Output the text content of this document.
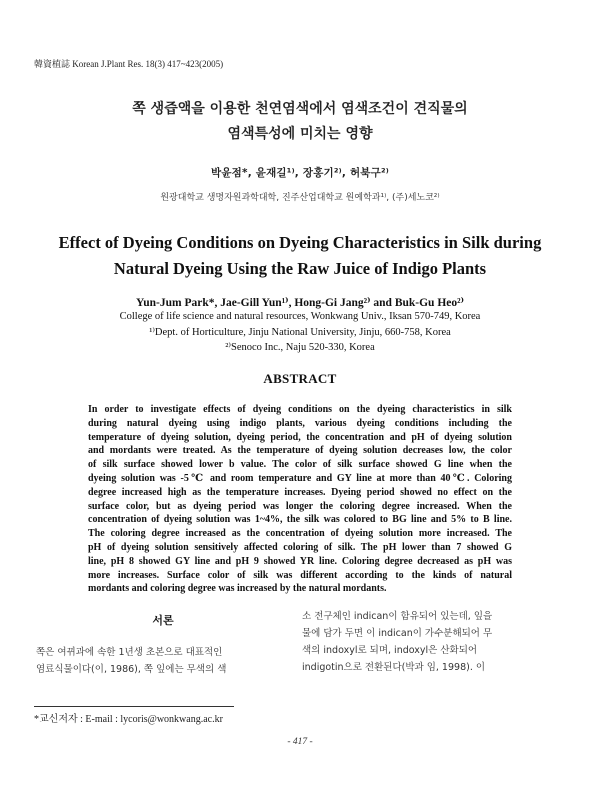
韓資植誌 Korean J.Plant Res. 18(3) 417~423(2005)
쪽 생즙액을 이용한 천연염색에서 염색조건이 견직물의
염색특성에 미치는 영향
박윤점*, 윤재길¹⁾, 장홍기²⁾, 허북구²⁾
원광대학교 생명자원과학대학, 진주산업대학교 원예학과¹⁾, (주)세노코²⁾
Effect of Dyeing Conditions on Dyeing Characteristics in Silk during
Natural Dyeing Using the Raw Juice of Indigo Plants
Yun-Jum Park*, Jae-Gill Yun¹⁾, Hong-Gi Jang²⁾ and Buk-Gu Heo²⁾
College of life science and natural resources, Wonkwang Univ., Iksan 570-749, Korea
¹⁾Dept. of Horticulture, Jinju National University, Jinju, 660-758, Korea
²⁾Senoco Inc., Naju 520-330, Korea
ABSTRACT
In order to investigate effects of dyeing conditions on the dyeing characteristics in silk
during natural dyeing using indigo plants, various dyeing conditions including the
temperature of dyeing solution, dyeing period, the concentration and pH of dyeing solution
and mordants were treated. As the temperature of dyeing solution decreases low, the color
of silk surface showed lower b value. The color of silk surface showed G line when the
dyeing solution was -5℃ and room temperature and GY line at more than 40℃. Coloring
degree increased high as the temperature increases. Dyeing period showed no effect on the
surface color, but as dyeing period was longer the coloring degree increased. When the
concentration of dyeing solution was 1~4%, the silk was colored to BG line and 5% to B line.
The coloring degree increased as the concentration of dyeing solution more increased. The
pH of dyeing solution sensitively affected coloring of silk. The pH lower than 7 showed G
line, pH 8 showed GY line and pH 9 showed YR line. Coloring degree decreased as pH was
more increases. Surface color of silk was different according to the kinds of natural
mordants and coloring degree was increased by the natural mordants.
서론
쪽은 여뀌과에 속한 1년생 초본으로 대표적인
염료식물이다(이, 1986), 쪽 잎에는 무색의 색
소 전구체인 indican이 함유되어 있는데, 잎을
물에 담가 두면 이 indican이 가수분해되어 무
색의 indoxyl로 되며, indoxyl은 산화되어
indigotin으로 전환된다(박과 임, 1998). 이
*교신저자 : E-mail : lycoris@wonkwang.ac.kr
- 417 -
